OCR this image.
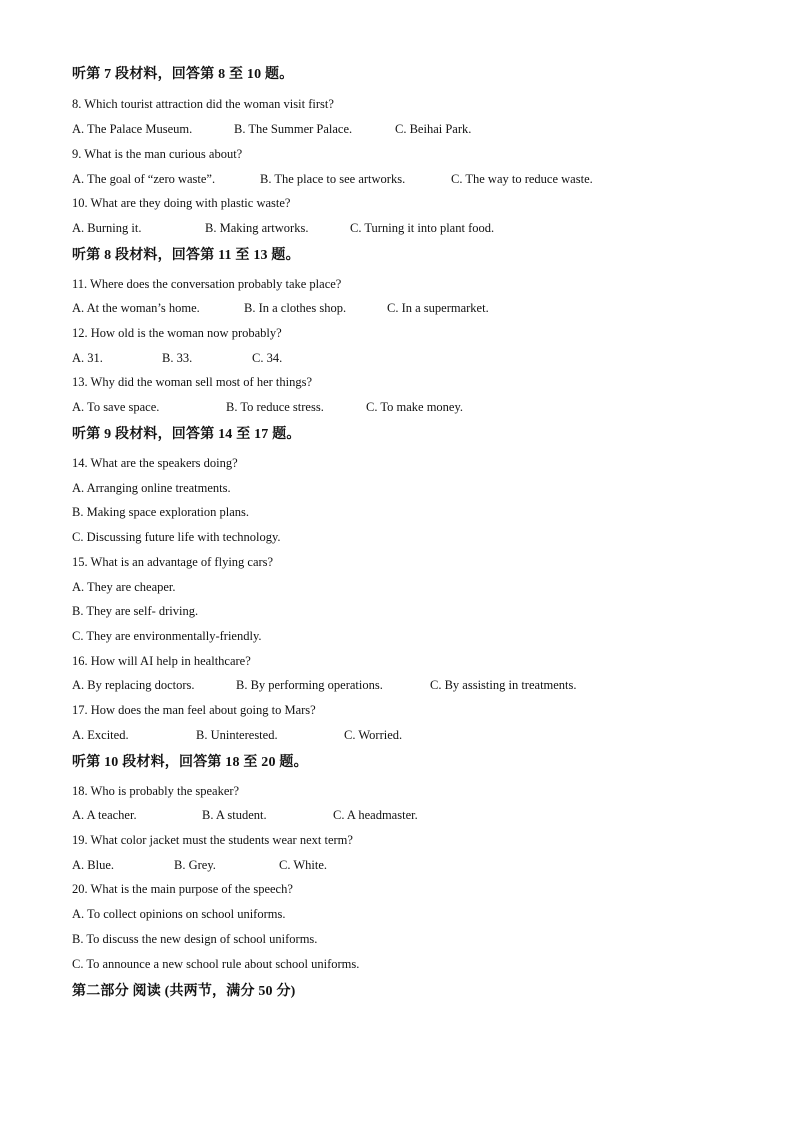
听第 7 段材料，回答第 8 至 10 题。
8. Which tourist attraction did the woman visit first?
A. The Palace Museum.	B. The Summer Palace.	C. Beihai Park.
9. What is the man curious about?
A. The goal of “zero waste”.	B. The place to see artworks.	C. The way to reduce waste.
10. What are they doing with plastic waste?
A. Burning it.	B. Making artworks.	C. Turning it into plant food.
听第 8 段材料，回答第 11 至 13 题。
11. Where does the conversation probably take place?
A. At the woman’s home.	B. In a clothes shop.	C. In a supermarket.
12. How old is the woman now probably?
A. 31.	B. 33.	C. 34.
13. Why did the woman sell most of her things?
A. To save space.	B. To reduce stress.	C. To make money.
听第 9 段材料，回答第 14 至 17 题。
14. What are the speakers doing?
A. Arranging online treatments.
B. Making space exploration plans.
C. Discussing future life with technology.
15. What is an advantage of flying cars?
A. They are cheaper.
B. They are self- driving.
C. They are environmentally-friendly.
16. How will AI help in healthcare?
A. By replacing doctors.	B. By performing operations.	C. By assisting in treatments.
17. How does the man feel about going to Mars?
A. Excited.	B. Uninterested.	C. Worried.
听第 10 段材料，回答第 18 至 20 题。
18. Who is probably the speaker?
A. A teacher.	B. A student.	C. A headmaster.
19. What color jacket must the students wear next term?
A. Blue.	B. Grey.	C. White.
20. What is the main purpose of the speech?
A. To collect opinions on school uniforms.
B. To discuss the new design of school uniforms.
C. To announce a new school rule about school uniforms.
第二部分 阅读 (共两节，满分 50 分)
